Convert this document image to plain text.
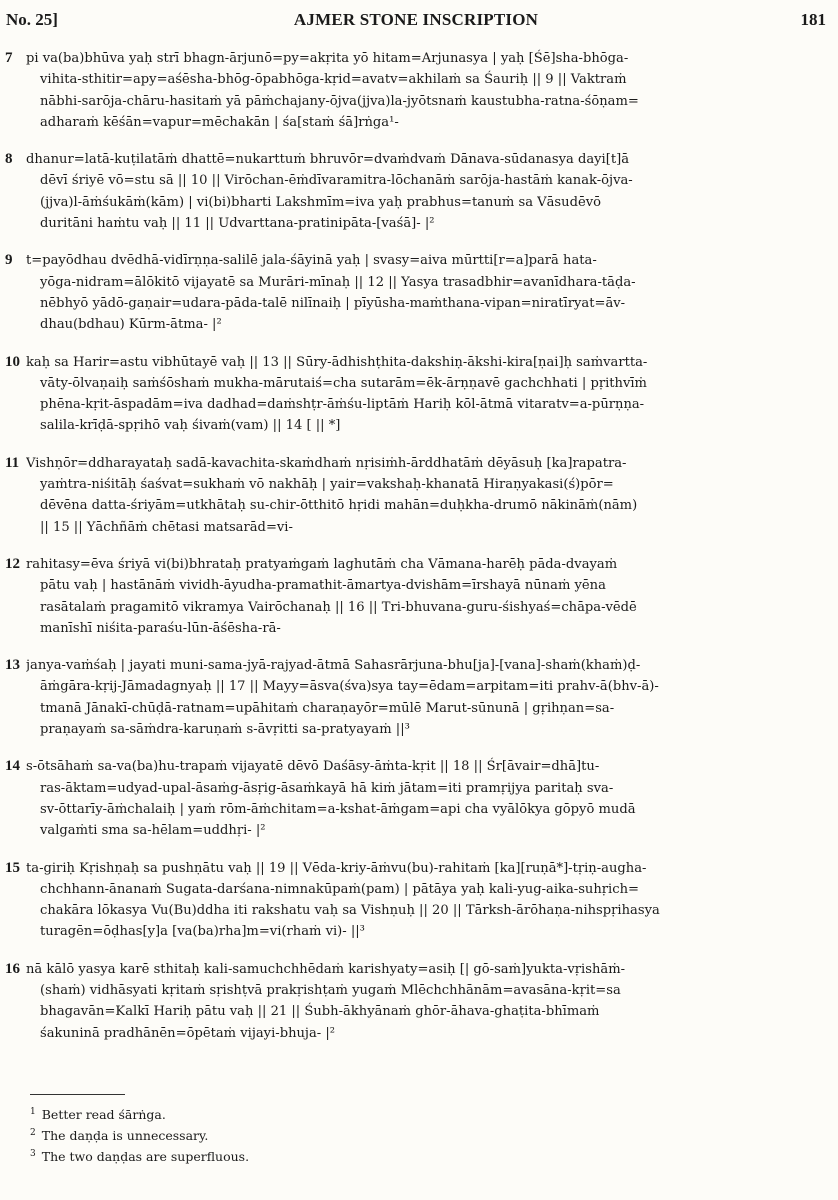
No. 25]	AJMER STONE INSCRIPTION	181
7 pi va(ba)bhūva yaḥ strī bhagn-ārjunō=py=akṛita yō hitam=Arjunasya | yaḥ [Śē]sha-bhōga-
vihita-sthitir=apy=aśēsha-bhōg-ōpabhōga-kṛid=avatv=akhilaṁ sa Śauriḥ || 9 || Vaktraṁ
nābhi-sarōja-chāru-hasitaṁ yā pāṁchajany-ōjva(jjva)la-jyōtsnaṁ kaustubha-ratna-śōṇam=
adharaṁ kēśān=vapur=mēchakān | śa[staṁ śā]rṅga¹-
8 dhanur=latā-kuṭilatāṁ dhattē=nukarttuṁ bhruvōr=dvaṁdvaṁ Dānava-sūdanasya dayi[t]ā
dēvī śriyē vō=stu sā || 10 || Virōchan-ēṁdīvaramitra-lōchanāṁ sarōja-hastāṁ kanak-ōjva-
(jjva)l-āṁśukāṁ(kām) | vi(bi)bharti Lakshmīm=iva yaḥ prabhus=tanuṁ sa Vāsudēvō
duritāni haṁtu vaḥ || 11 || Udvarttana-pratinipāta-[vaśā]- |²
9 t=payōdhau dvēdhā-vidīrṇṇa-salilē jala-śāyinā yaḥ | svasy=aiva mūrtti[r=a]parā hata-
yōga-nidram=ālōkitō vijayatē sa Murāri-mīnaḥ || 12 || Yasya trasadbhir=avanīdhara-tāḍa-
nēbhyō yādō-gaṇair=udara-pāda-talē nilīnaiḥ | pīyūsha-maṁthana-vipan=niratīryat=āv-
dhau(bdhau) Kūrm-ātma- |²
10 kaḥ sa Harir=astu vibhūtayē vaḥ || 13 || Sūry-ādhishṭhita-dakshiṇ-ākshi-kira[ṇai]ḥ saṁvartta-
vāty-ōlvaṇaiḥ saṁśōshaṁ mukha-mārutaiś=cha sutarām=ēk-ārṇṇavē gachchhati | pṛithvīṁ
phēna-kṛit-āspadām=iva dadhad=daṁshṭr-āṁśu-liptāṁ Hariḥ kōl-ātmā vitaratv=a-pūrṇṇa-
salila-krīḍā-spṛihō vaḥ śivaṁ(vam) || 14 [ || *]
11 Vishṇōr=ddharayataḥ sadā-kavachita-skaṁdhaṁ nṛisiṁh-ārddhatāṁ dēyāsuḥ [ka]rapatra-
yaṁtra-niśitāḥ śaśvat=sukhaṁ vō nakhāḥ | yair=vakshaḥ-khanatā Hiraṇyakasi(ś)pōr=
dēvēna datta-śriyām=utkhātaḥ su-chir-ōtthitō hṛidi mahān=duḥkha-drumō nākināṁ(nām)
|| 15 || Yāchñāṁ chētasi matsarād=vi-
12 rahitasy=ēva śriyā vi(bi)bhrataḥ pratyaṁgaṁ laghutāṁ cha Vāmana-harēḥ pāda-dvayaṁ
pātu vaḥ | hastānāṁ vividh-āyudha-pramathit-āmartya-dvishām=īrshayā nūnaṁ yēna
rasātalaṁ pragamitō vikramya Vairōchanaḥ || 16 || Tri-bhuvana-guru-śishyaś=chāpa-vēdē
manīshī niśita-paraśu-lūn-āśēsha-rā-
13 janya-vaṁśaḥ | jayati muni-sama-jyā-rajyad-ātmā Sahasrārjuna-bhu[ja]-[vana]-shaṁ(khaṁ)ḍ-
āṁgāra-kṛij-Jāmadagnyaḥ || 17 || Mayy=āsva(śva)sya tay=ēdam=arpitam=iti prahv-ā(bhv-ā)-
tmanā Jānakī-chūḍā-ratnam=upāhitaṁ charaṇayōr=mūlē Marut-sūnunā | gṛihṇan=sa-
praṇayaṁ sa-sāṁdra-karuṇaṁ s-āvṛitti sa-pratyayaṁ ||³
14 s-ōtsāhaṁ sa-va(ba)hu-trapaṁ vijayatē dēvō Daśāsy-āṁta-kṛit || 18 || Śr[āvair=dhā]tu-
ras-āktam=udyad-upal-āsaṁg-āsṛig-āsaṁkayā hā kiṁ jātam=iti pramṛijya paritaḥ sva-
sv-ōttarīy-āṁchalaiḥ | yaṁ rōm-āṁchitam=a-kshat-āṁgam=api cha vyālōkya gōpyō mudā
valgaṁti sma sa-hēlam=uddhṛi- |²
15 ta-giriḥ Kṛishṇaḥ sa pushṇātu vaḥ || 19 || Vēda-kriy-āṁvu(bu)-rahitaṁ [ka][ruṇā*]-tṛiṇ-augha-
chchhann-ānanaṁ Sugata-darśana-nimnakūpaṁ(pam) | pātāya yaḥ kali-yug-aika-suhṛich=
chakāra lōkasya Vu(Bu)ddha iti rakshatu vaḥ sa Vishṇuḥ || 20 || Tārksh-ārōhaṇa-nihspṛihasya
turagēn=ōḍhas[y]a [va(ba)rha]m=vi(rhaṁ vi)- ||³
16 nā kālō yasya karē sthitaḥ kali-samuchchhēdaṁ karishyaty=asiḥ [| gō-saṁ]yukta-vṛishāṁ-
(shaṁ) vidhāsyati kṛitaṁ sṛishṭvā prakṛishṭaṁ yugaṁ Mlēchchhānām=avasāna-kṛit=sa
bhagavān=Kalkī Hariḥ pātu vaḥ || 21 || Śubh-ākhyānaṁ ghōr-āhava-ghaṭita-bhīmaṁ
śakuninā pradhānēn=ōpētaṁ vijayi-bhuja- |²
$^1$ Better read śārṅga.
$^2$ The daṇḍa is unnecessary.
$^3$ The two daṇḍas are superfluous.
